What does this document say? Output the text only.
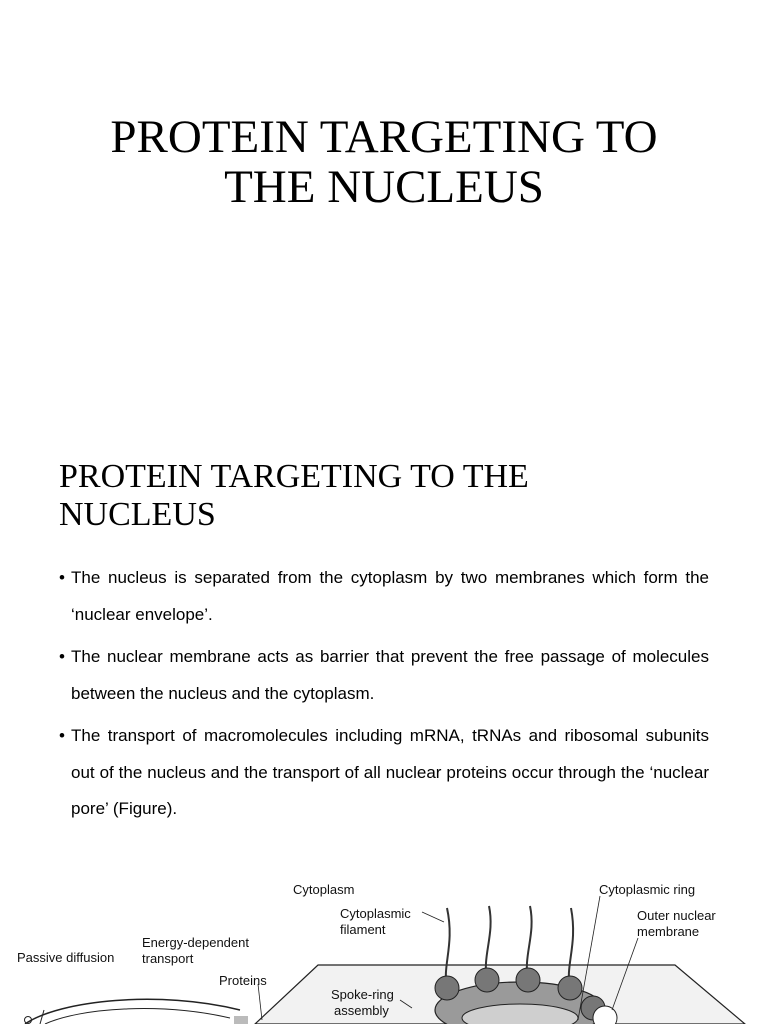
PROTEIN TARGETING TO
THE NUCLEUS
PROTEIN TARGETING TO THE
NUCLEUS
• The nucleus is separated from the cytoplasm by two membranes which form the ‘nuclear envelope’.
• The nuclear membrane acts as barrier that prevent the free passage of molecules between the nucleus and the cytoplasm.
• The transport of macromolecules including mRNA, tRNAs and ribosomal subunits out of the nucleus and the transport of all nuclear proteins occur through the ‘nuclear pore’ (Figure).
Cytoplasm	Cytoplasmic ring
Cytoplasmic
filament
Outer nuclear
membrane
Energy-dependent
transport
Passive diffusion
Proteins
Spoke-ring
assembly
